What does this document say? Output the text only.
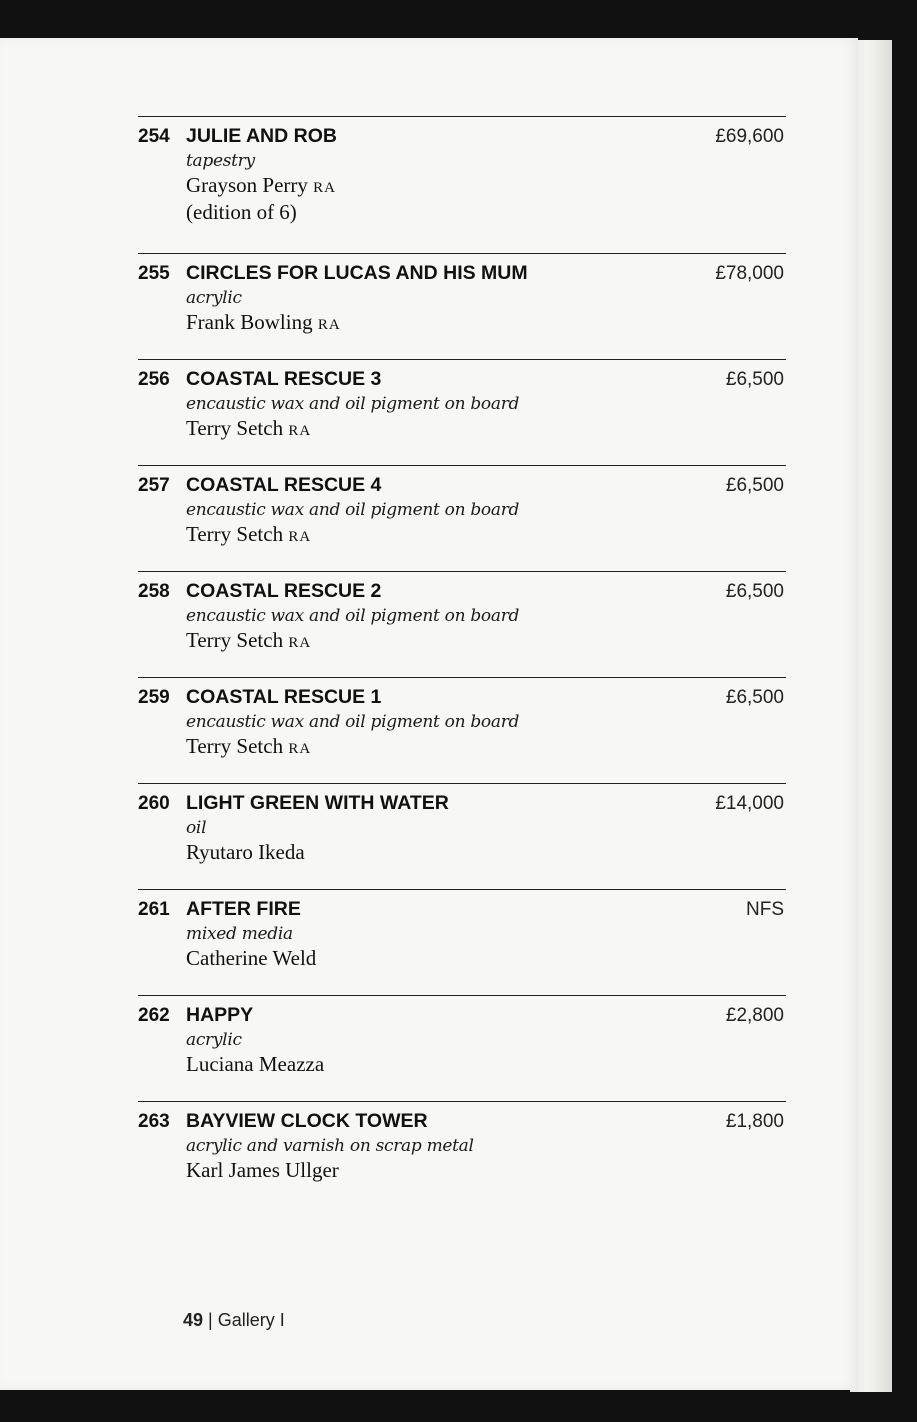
254 JULIE AND ROB	£69,600
tapestry
Grayson Perry RA
(edition of 6)
255 CIRCLES FOR LUCAS AND HIS MUM	£78,000
acrylic
Frank Bowling RA
256 COASTAL RESCUE 3	£6,500
encaustic wax and oil pigment on board
Terry Setch RA
257 COASTAL RESCUE 4	£6,500
encaustic wax and oil pigment on board
Terry Setch RA
258 COASTAL RESCUE 2	£6,500
encaustic wax and oil pigment on board
Terry Setch RA
259 COASTAL RESCUE 1	£6,500
encaustic wax and oil pigment on board
Terry Setch RA
260 LIGHT GREEN WITH WATER	£14,000
oil
Ryutaro Ikeda
261 AFTER FIRE	NFS
mixed media
Catherine Weld
262 HAPPY	£2,800
acrylic
Luciana Meazza
263 BAYVIEW CLOCK TOWER	£1,800
acrylic and varnish on scrap metal
Karl James Ullger
49 | Gallery I
